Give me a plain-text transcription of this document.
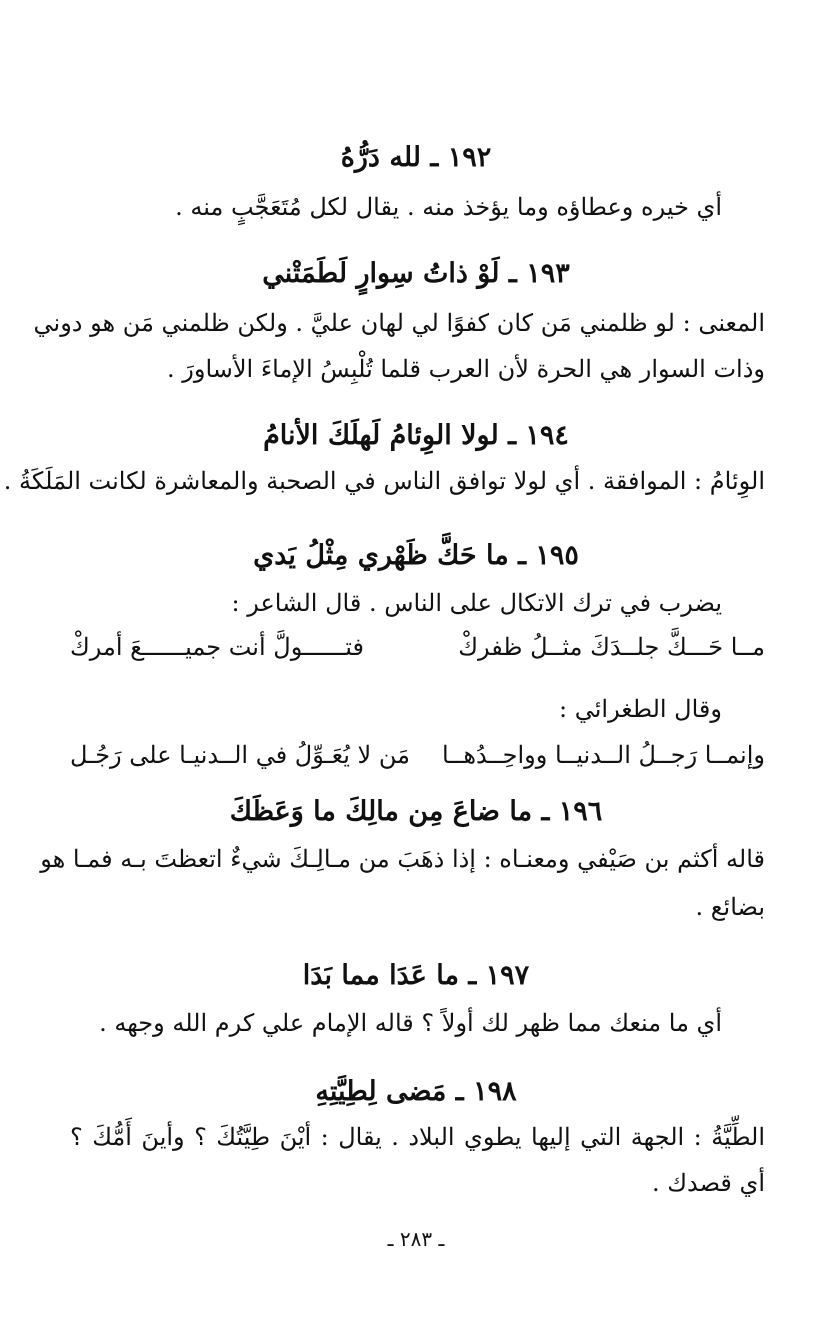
١٩٢ ـ لله دَرُّهُ
أي خيره وعطاؤه وما يؤخذ منه . يقال لكل مُتَعَجَّبٍ منه .
١٩٣ ـ لَوْ ذاتُ سِوارٍ لَطَمَتْني
المعنى : لو ظلمني مَن كان كفوًا لي لهان عليَّ . ولكن ظلمني مَن هو دوني
وذات السوار هي الحرة لأن العرب قلما تُلْبِسُ الإماءَ الأساورَ .
١٩٤ ـ لولا الوِئامُ لَهلَكَ الأنامُ
الوِئامُ : الموافقة . أي لولا توافق الناس في الصحبة والمعاشرة لكانت المَلَكَةُ .
١٩٥ ـ ما حَكَّ ظَهْري مِثْلُ يَدي
يضرب في ترك الاتكال على الناس . قال الشاعر :
مــا حَـــكَّ جلــدَكَ مثــلُ ظفركْ
فتــــــولَّ أنت جميــــــعَ أمركْ
وقال الطغرائي :
وإنمــا رَجــلُ الــدنيــا وواحِــدُهــا
مَن لا يُعَـوِّلُ في الــدنيـا على رَجُـل
١٩٦ ـ ما ضاعَ مِن مالِكَ ما وَعَظَكَ
قاله أكثم بن صَيْفي ومعنـاه : إذا ذهَبَ من مـالِـكَ شيءٌ اتعظتَ بـه فمـا هو
بضائع .
١٩٧ ـ ما عَدَا مما بَدَا
أي ما منعك مما ظهر لك أولاً ؟ قاله الإمام علي كرم الله وجهه .
١٩٨ ـ مَضى لِطِيَّتِهِ
الطِّيَّةُ : الجهة التي إليها يطوي البلاد . يقال : أيْنَ طِيَّتُكَ ؟ وأينَ أَمُّكَ ؟
أي قصدك .
ـ ٢٨٣ ـ
